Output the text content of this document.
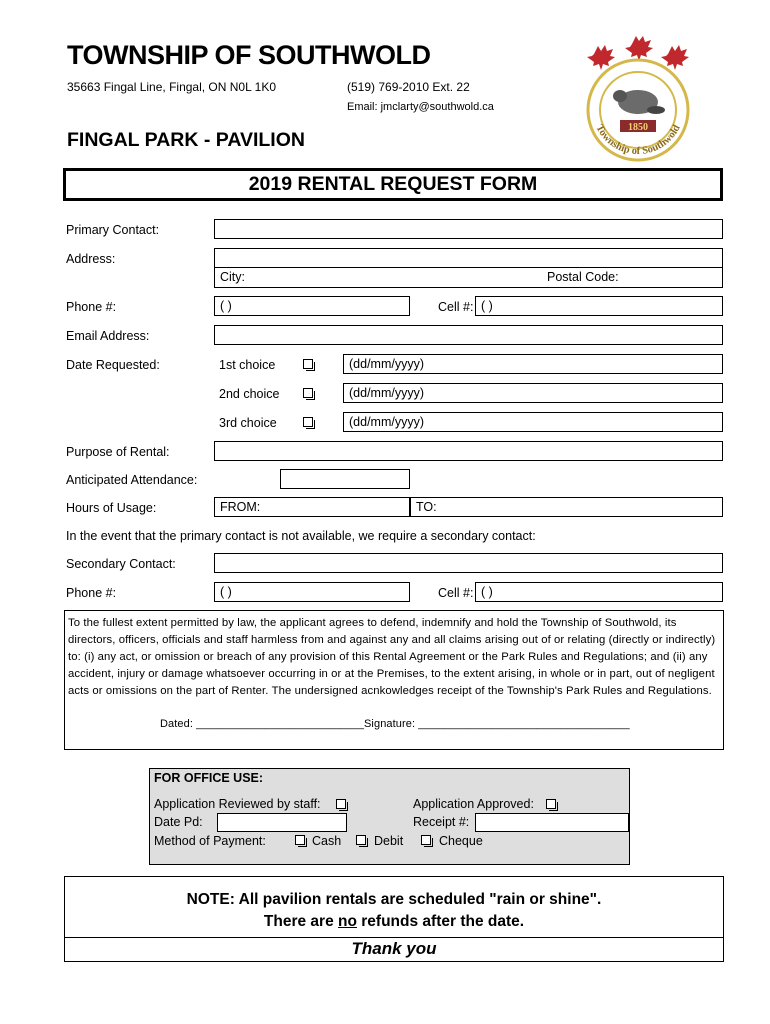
TOWNSHIP OF SOUTHWOLD
35663 Fingal Line, Fingal, ON N0L 1K0	(519) 769-2010 Ext. 22
Email: jmclarty@southwold.ca
FINGAL PARK - PAVILION
1850
Township of Southwold
2019 RENTAL REQUEST FORM
Primary Contact:
Address:
City:	Postal Code:
Phone #:	( )	Cell #: ( )
Email Address:
Date Requested:	1st choice	(dd/mm/yyyy)
2nd choice	(dd/mm/yyyy)
3rd choice	(dd/mm/yyyy)
Purpose of Rental:
Anticipated Attendance:
Hours of Usage:	FROM:	TO:
In the event that the primary contact is not available, we require a secondary contact:
Secondary Contact:
Phone #:	( )	Cell #: ( )
To the fullest extent permitted by law, the applicant agrees to defend, indemnify and hold the Township of Southwold, its directors, officers, officials and staff harmless from and against any and all claims arising out of or relating (directly or indirectly) to: (i) any act, or omission or breach of any provision of this Rental Agreement or the Park Rules and Regulations; and (ii) any accident, injury or damage whatsoever occurring in or at the Premises, to the extent arising, in whole or in part, out of negligent acts or omissions on the part of Renter. The undersigned acnkowledges receipt of the Township's Park Rules and Regulations.
Dated: ___________________________ Signature: __________________________________
FOR OFFICE USE:
Application Reviewed by staff:	Application Approved:
Date Pd:	Receipt #:
Method of Payment:	Cash	Debit	Cheque
NOTE: All pavilion rentals are scheduled "rain or shine".
There are no refunds after the date.
Thank you
